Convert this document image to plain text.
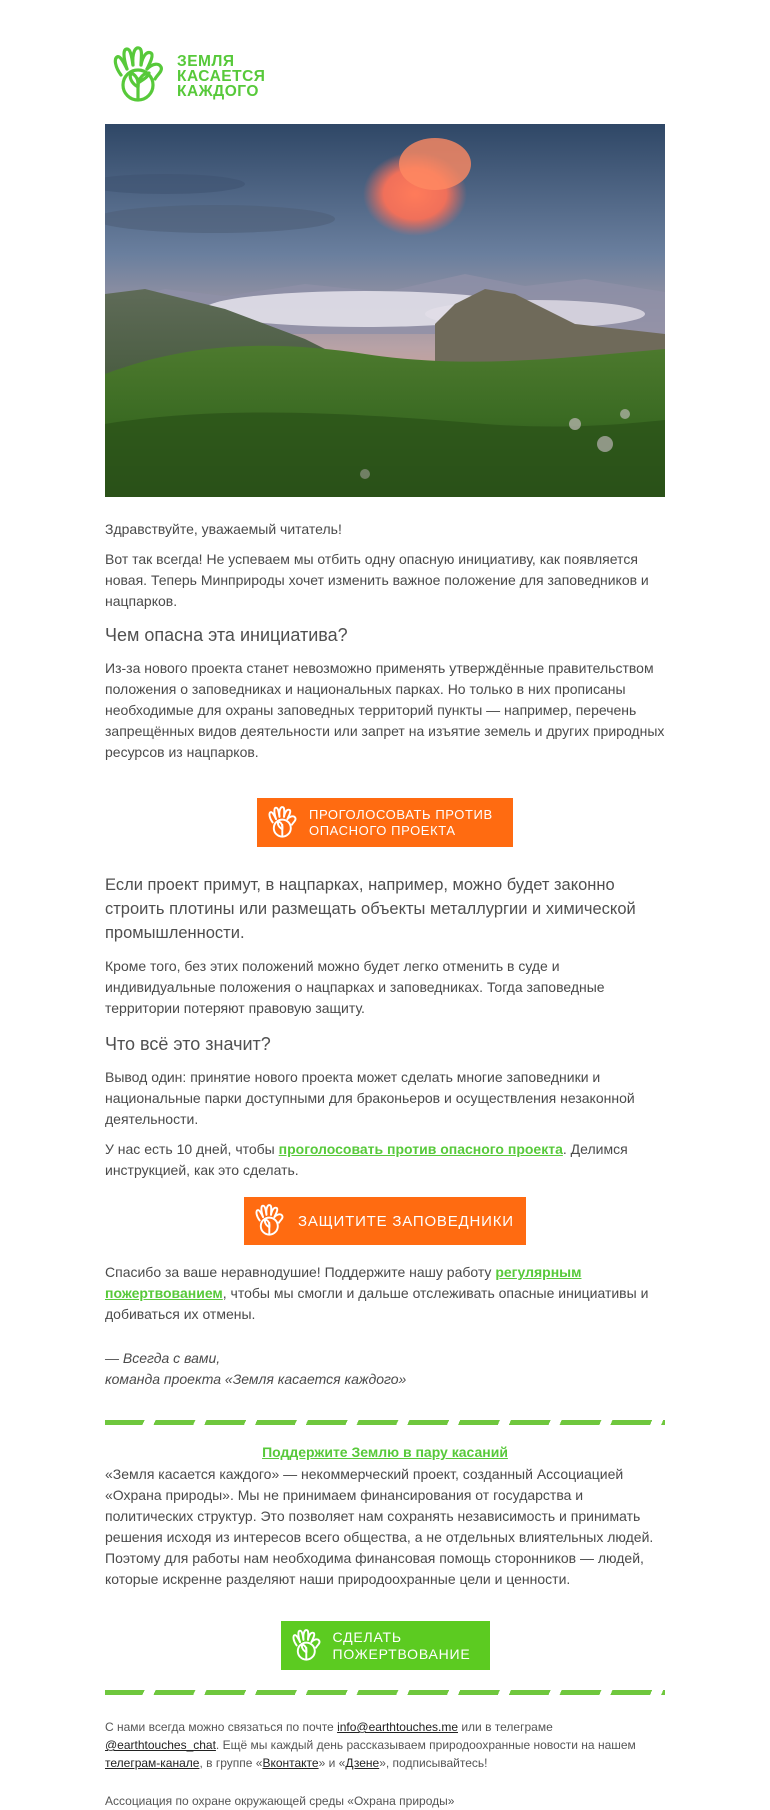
ЗЕМЛЯ
КАСАЕТСЯ
КАЖДОГО

Здравствуйте, уважаемый читатель!

Вот так всегда! Не успеваем мы отбить одну опасную инициативу, как появляется новая. Теперь Минприроды хочет изменить важное положение для заповедников и нацпарков.

Чем опасна эта инициатива?

Из-за нового проекта станет невозможно применять утверждённые правительством положения о заповедниках и национальных парках. Но только в них прописаны необходимые для охраны заповедных территорий пункты — например, перечень запрещённых видов деятельности или запрет на изъятие земель и других природных ресурсов из нацпарков.

ПРОГОЛОСОВАТЬ ПРОТИВ ОПАСНОГО ПРОЕКТА

Если проект примут, в нацпарках, например, можно будет законно строить плотины или размещать объекты металлургии и химической промышленности.

Кроме того, без этих положений можно будет легко отменить в суде и индивидуальные положения о нацпарках и заповедниках. Тогда заповедные территории потеряют правовую защиту.

Что всё это значит?

Вывод один: принятие нового проекта может сделать многие заповедники и национальные парки доступными для браконьеров и осуществления незаконной деятельности.

У нас есть 10 дней, чтобы проголосовать против опасного проекта. Делимся инструкцией, как это сделать.

ЗАЩИТИТЕ ЗАПОВЕДНИКИ

Спасибо за ваше неравнодушие! Поддержите нашу работу регулярным пожертвованием, чтобы мы смогли и дальше отслеживать опасные инициативы и добиваться их отмены.

— Всегда с вами,
команда проекта «Земля касается каждого»

Поддержите Землю в пару касаний

«Земля касается каждого» — некоммерческий проект, созданный Ассоциацией «Охрана природы». Мы не принимаем финансирования от государства и политических структур. Это позволяет нам сохранять независимость и принимать решения исходя из интересов всего общества, а не отдельных влиятельных людей. Поэтому для работы нам необходима финансовая помощь сторонников — людей, которые искренне разделяют наши природоохранные цели и ценности.

СДЕЛАТЬ ПОЖЕРТВОВАНИЕ

С нами всегда можно связаться по почте info@earthtouches.me или в телеграме @earthtouches_chat. Ещё мы каждый день рассказываем природоохранные новости на нашем телеграм-канале, в группе «Вконтакте» и «Дзене», подписывайтесь!

Ассоциация по охране окружающей среды «Охрана природы»
